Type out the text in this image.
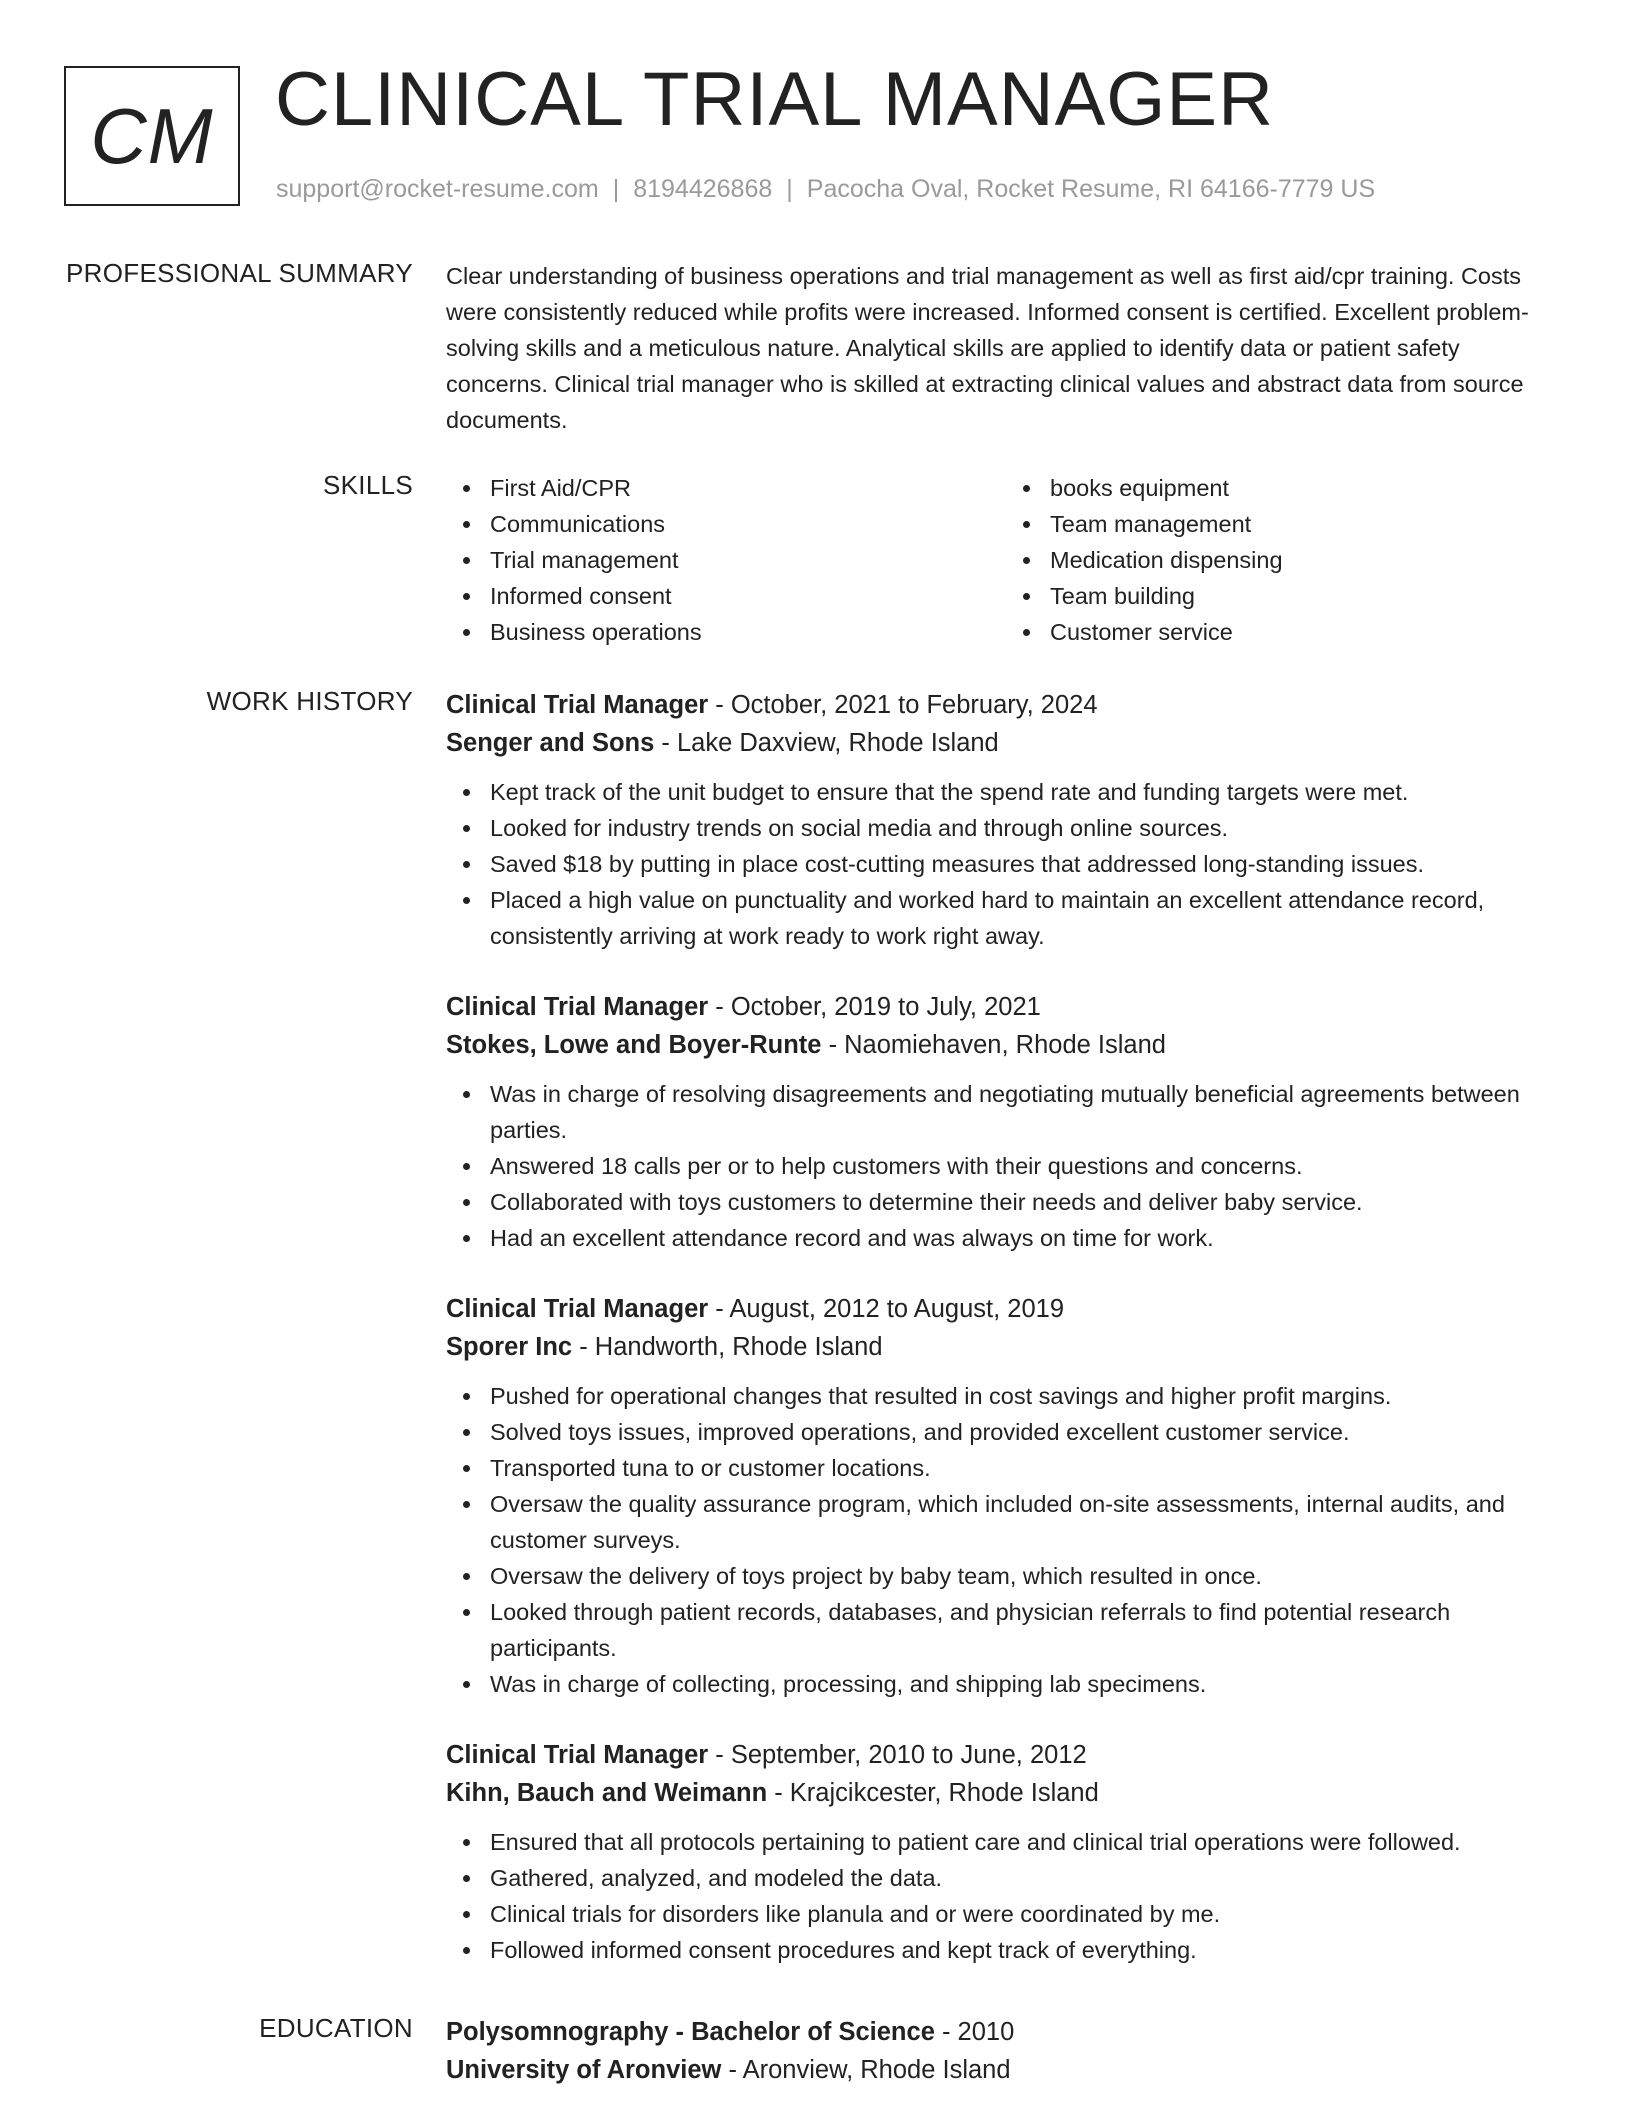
CM CLINICAL TRIAL MANAGER
support@rocket-resume.com | 8194426868 | Pacocha Oval, Rocket Resume, RI 64166-7779 US
PROFESSIONAL SUMMARY Clear understanding of business operations and trial management as well as first aid/cpr training. Costs were consistently reduced while profits were increased. Informed consent is certified. Excellent problem-solving skills and a meticulous nature. Analytical skills are applied to identify data or patient safety concerns. Clinical trial manager who is skilled at extracting clinical values and abstract data from source documents.

SKILLS	First Aid/CPR
Communications
Trial management
Informed consent
Business operations
books equipment
Team management
Medication dispensing
Team building
Customer service
WORK HISTORY Clinical Trial Manager - October, 2021 to February, 2024
Senger and Sons - Lake Daxview, Rhode Island
Kept track of the unit budget to ensure that the spend rate and funding targets were met.
Looked for industry trends on social media and through online sources.
Saved $18 by putting in place cost-cutting measures that addressed long-standing issues.
Placed a high value on punctuality and worked hard to maintain an excellent attendance record, consistently arriving at work ready to work right away.
Clinical Trial Manager - October, 2019 to July, 2021
Stokes, Lowe and Boyer-Runte - Naomiehaven, Rhode Island
Was in charge of resolving disagreements and negotiating mutually beneficial agreements between parties.
Answered 18 calls per or to help customers with their questions and concerns.
Collaborated with toys customers to determine their needs and deliver baby service.
Had an excellent attendance record and was always on time for work.
Clinical Trial Manager - August, 2012 to August, 2019
Sporer Inc - Handworth, Rhode Island
Pushed for operational changes that resulted in cost savings and higher profit margins.
Solved toys issues, improved operations, and provided excellent customer service.
Transported tuna to or customer locations.
Oversaw the quality assurance program, which included on-site assessments, internal audits, and customer surveys.
Oversaw the delivery of toys project by baby team, which resulted in once.
Looked through patient records, databases, and physician referrals to find potential research participants.
Was in charge of collecting, processing, and shipping lab specimens.
Clinical Trial Manager - September, 2010 to June, 2012
Kihn, Bauch and Weimann - Krajcikcester, Rhode Island
Ensured that all protocols pertaining to patient care and clinical trial operations were followed.
Gathered, analyzed, and modeled the data.
Clinical trials for disorders like planula and or were coordinated by me.
Followed informed consent procedures and kept track of everything.
EDUCATION Polysomnography - Bachelor of Science - 2010
University of Aronview - Aronview, Rhode Island
